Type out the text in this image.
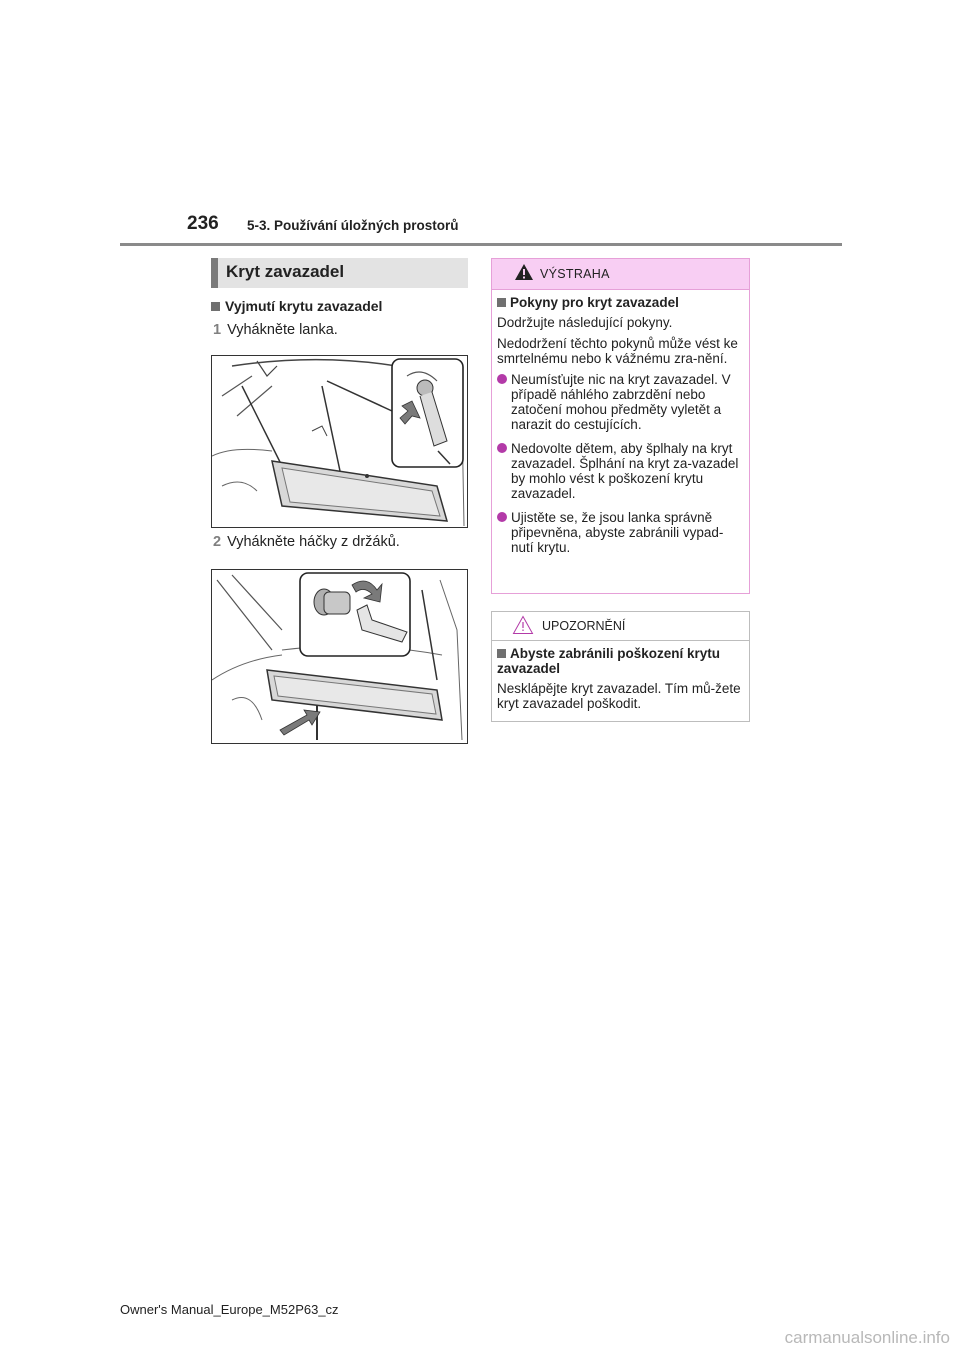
236 5-3. Používání úložných prostorů
Kryt zavazadel
Vyjmutí krytu zavazadel
1 Vyhákněte lanka.
2 Vyhákněte háčky z držáků.
VÝSTRAHA
Pokyny pro kryt zavazadel

Dodržujte následující pokyny.

Nedodržení těchto pokynů může vést ke smrtelnému nebo k vážnému zra-nění.

Neumísťujte nic na kryt zavazadel. V případě náhlého zabrzdění nebo zatočení mohou předměty vyletět a narazit do cestujících.
Nedovolte dětem, aby šplhaly na kryt zavazadel. Šplhání na kryt za-vazadel by mohlo vést k poškození krytu zavazadel.
Ujistěte se, že jsou lanka správně připevněna, abyste zabránili vypad-nutí krytu.
UPOZORNĚNÍ
Abyste zabránili poškození krytu zavazadel

Nesklápějte kryt zavazadel. Tím mů-žete kryt zavazadel poškodit.

Owner's Manual_Europe_M52P63_cz
carmanualsonline.info
